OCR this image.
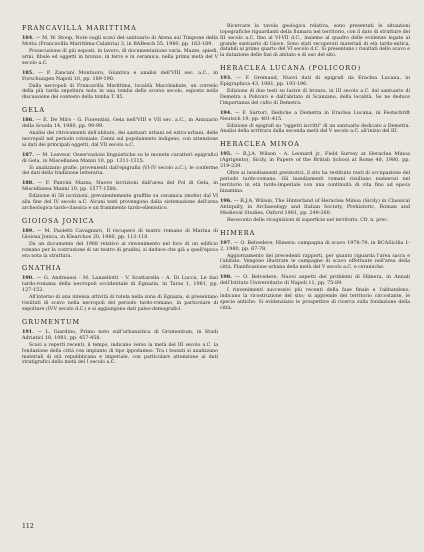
FRANCAVILLA MARITTIMA
184. — M. W. Stoop, Note sugli scavi del santuario di Atena sul Timpone della Motta (Francavilla Marittima-Calabria) 3, in BABesch 55, 1980, pp. 163-189.
Prosecuzione di più esposti, in lavoro, di documentazione varia. Mazze, spiedi, armi, fibule ed oggetti in bronzo, in ferro e in ceramica, nella prima metà del V secolo a.C.
185. — P. Zancani Montuoro, Giuntiva e analisi dell'VIII sec. a.C., in Forschungen Napoli 10, pp. 189-190.
Dalla necropoli di Francavilla Marittima, località Macchiabate, un corredo della più tarda sepoltura nota in una tomba dello scorso secolo, esposta nella discussione del contesto della tomba T. 85.
GELA
186. — E. De Miro - G. Fiorentini, Gela nell'VIII e VII sec. a.C., in Annuario della Scuola 14, 1980, pp. 90-99.
Analisi dei ritrovamenti dell'abitato, dei santuari urbani ed extra-urbani, delle necropoli nel periodo coloniale. Cenni sul popolamento indigeno, con attenzione ai dati dei principali oggetti, dal VII secolo a.C.
187. — M. Lesveur, Osservazioni linguistiche su le monete caratteri epigrafici di Gela, in Miscellanea Manni 10, pp. 1311-1315.
Si analizzano grafie, provenienti dall'epigrafia (VI-IV secolo a.C.), le conferme dei dati della tradizione letteraria.
188. — F. Panvini Mazza, Nuove iscrizioni dall'area del Pol di Gela, in Miscellanea Manni 10, pp. 1577-1588.
Edizione di 58 iscrizioni, prevalentemente graffite su ceramica (molte) dal VI alla fine del IV secolo a.C. Alcuni testi provengono dalla sistemazione dell'area archeologica tardo-classica e un frammento tardo-ellenistico.
GIOIOSA JONICA
189. — M. Paoletti Cavagnaro, Il recupero di teatro romano di Marina di Gioiosa Jonica, in Klearchos 20, 1980, pp. 113-118.
Da un documento del 1968 relativo al rinvenimento nel foro di un edificio romano per la costruzione di un teatro di gradini, si deduce che già a quell'epoca era nota la struttura.
GNATHIA
190. — G. Andreassi - M. Lanzellotti - V. Scattarella - A. Di Lucca, Le fasi tardo-romana della necropoli occidentale di Egnazia, in Taras 1, 1981, pp. 127-152.
All'interno di una intensa attività di tutela nella zona di Egnazia, si presentano risultati di scavo nella necropoli del periodo tardo-romano, in particolare di sepolture (IV-V secolo d.C.) e si aggiungono dati paleo-demografici.
GRUMENTUM
191. — L. Giardino, Primo noto sull'urbanistica di Grumentum, in Studi Adriatici 18, 1981, pp. 457-458.
Scavi a reperti recenti, il tempo, indicano verso la metà del III secolo a.C. la fondazione della città con impianto di tipo ippodameo. Tra i tessuti si analizzano materiali di età repubblicana e imperiale, con particolare attenzione ai dati stratigrafici della metà del I secolo a.C.
Ricercare la tavola geologica relativa, sono presentati le situazioni topografiche riguardanti della fiumara nel territorio, con il dato di strutture del III secolo a.C. fino al VI-VII d.C., insieme al quadro delle evidenze legate al grande santuario di Giove. Sono stati recuperati materiali di età tardo-antica, databili al primo quarto del VI secolo d.C. Si presentano i risultati dello scavo e la datazione delle fasi di abitato e di uso del sito.
HERACLEA LUCANA (POLICORO)
193. — F. Gremaud, Nuovi dati di epigrafi da Eraclea Lucana, in Epigraphica 43, 1981, pp. 193-196.
Edizione di due testi su lastre di bronzo, in III secolo a.C. dal santuario di Demetra a Policoro e dall'abitato di Scanzano, della località. Se ne deduce l'importanza del culto di Demetra.
194. — F. Sartori, Dediche a Demetra in Eraclea Lucana, in Festschrift Neutsch 19, pp. 401-415.
Edizione di epigrafi su "oggetti iscritti" di un santuario dedicato a Demetra. Analisi della scrittura dalla seconda metà del V secolo a.C. all'inizio del III.
HERACLEA MINOA
195. — R.J.A. Wilson - A. Leonard jr., Field Survey at Heraclea Minoa (Agrigento), Sicily, in Papers of the British School at Rome 48, 1980, pp. 219-239.
Oltre ai insediamenti preistorici, il sito ha restituito resti di occupazione del periodo tardo-romano. Gli insediamenti romani risultano numerosi nel territorio in età tardo-imperiale con una continuità di vita fino ad epoca bizantina.
196. — R.J.A. Wilson, The Hinterland of Heraclea Minoa (Sicily) in Classical Antiquity, in Archaeology and Italian Society, Prehistoric, Roman and Medieval Studies, Oxford 1981, pp. 249-260.
Resoconto delle ricognizioni di superficie nel territorio. Cfr. n. prec.
HIMERA
197. — O. Belvedere, Himera: campagna di scavo 1978-79, in BCASicilia 1-2, 1980, pp. 67-78.
Aggiornamento dei precedenti rapporti, per quanto riguarda l'area sacra e l'abitato. Vengono illustrate le campagne di scavo effettuate nell'area della città. Pianificazione urbana della metà del V secolo a.C. e ceramiche.
198. — O. Belvedere, Nuovi aspetti dei problemi di Himera, in Annali dell'Istituto Universitario di Napoli 11, pp. 75-89.
I rinvenimenti successivi più recenti della fase finale e l'abbandono, indicano la ricostruzione del sito; si apprende del territorio circostante, le specie antiche. Si evidenziano le prospettive di ricerca sulla fondazione della città.
112
